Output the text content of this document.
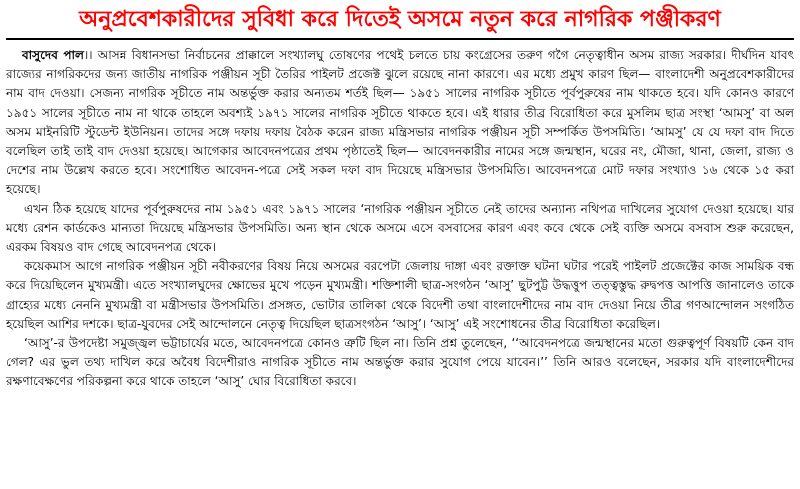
অনুপ্রবেশকারীদের সুবিধা করে দিতেই অসমে নতুন করে নাগরিক পঞ্জীকরণ

বাসুদেব পাল।। আসন্ন বিধানসভা নির্বাচনের প্রাক্কালে সংখ্যালঘু তোষণের পথেই চলতে চায় কংগ্রেসের তরুণ গগৈ নেতৃত্বাধীন অসম রাজ্য সরকার। দীর্ঘদিন যাবৎ রাজ্যের নাগরিকদের জন্য জাতীয় নাগরিক পঞ্জীয়ন সূচী তৈরির পাইলট প্রজেক্ট ঝুলে রয়েছে নানা কারণে। এর মধ্যে প্রমুখ কারণ ছিল— বাংলাদেশী অনুপ্রবেশকারীদের নাম বাদ দেওয়া। সেজন্য নাগরিক সূচীতে নাম অন্তর্ভুক্ত করার অন্যতম শর্তই ছিল— ১৯৫১ সালের নাগরিক সূচীতে পূর্বপুরুষের নাম থাকতে হবে। যদি কোনও কারণে ১৯৫১ সালের সূচীতে নাম না থাকে তাহলে অবশ্যই ১৯৭১ সালের নাগরিক সূচীতে থাকতে হবে। এই ধারার তীব্র বিরোধিতা করে মুসলিম ছাত্র সংস্থা ‘আমসু’ বা অল অসম মাইনরিটি স্টুডেন্ট ইউনিয়ন। তাদের সঙ্গে দফায় দফায় বৈঠক করেন রাজ্য মন্ত্রিসভার নাগরিক পঞ্জীয়ন সূচী সম্পর্কিত উপসমিতি। ‘আমসু’ যে যে দফা বাদ দিতে বলেছিল তাই তাই বাদ দেওয়া হয়েছে। আগেকার আবেদনপত্রের প্রথম পৃষ্ঠাতেই ছিল— আবেদনকারীর নামের সঙ্গে জন্মস্থান, ঘরের নং, মৌজা, থানা, জেলা, রাজ্য ও দেশের নাম উল্লেখ করতে হবে। সংশোধিত আবেদন-পত্রে সেই সকল দফা বাদ দিয়েছে মন্ত্রিসভার উপসমিতি। আবেদনপত্রে মোট দফার সংখ্যাও ১৬ থেকে ১৫ করা হয়েছে।

এখন ঠিক হয়েছে যাদের পূর্বপুরুষদের নাম ১৯৫১ এবং ১৯৭১ সালের ‘নাগরিক পঞ্জীয়ন সূচীতে নেই তাদের অন্যান্য নথিপত্র দাখিলের সুযোগ দেওয়া হয়েছে। যার মধ্যে রেশন কার্ডকেও মান্যতা দিয়েছে মন্ত্রিসভার উপসমিতি। অন্য স্থান থেকে অসমে এসে বসবাসের কারণ এবং কবে থেকে সেই ব্যক্তি অসমে বসবাস শুরু করেছেন, এরকম বিষয়ও বাদ গেছে আবেদনপত্র থেকে।

কয়েকমাস আগে নাগরিক পঞ্জীয়ন সূচী নবীকরণের বিষয় নিয়ে অসমের বরপেটা জেলায় দাঙ্গা এবং রক্তাক্ত ঘটনা ঘটার পরেই পাইলট প্রজেক্টের কাজ সাময়িক বন্ধ করে দিয়েছিলেন মুখ্যমন্ত্রী। এতে সংখ্যালঘুদের ক্ষোভের মুখে পড়েন মুখ্যমন্ত্রী। শক্তিশালী ছাত্র-সংগঠন ‘আসু’ ছুটপুট্ট উদ্ধত্তুপ তত্ত্বস্তুদ্ধ রুদ্বপত্ত আপত্তি জানালেও তাকে গ্রাহ্যের মধ্যে নেননি মুখ্যমন্ত্রী বা মন্ত্রীসভার উপসমিতি। প্রসঙ্গত, ভোটার তালিকা থেকে বিদেশী তথা বাংলাদেশীদের নাম বাদ দেওয়া নিয়ে তীব্র গণআন্দোলন সংগঠিত হয়েছিল আশির দশকে। ছাত্র-যুবদের সেই আন্দোলনে নেতৃত্ব দিয়েছিল ছাত্রসংগঠন ‘আসু’। ‘আসু’ এই সংশোধনের তীব্র বিরোধিতা করেছিল।

‘আসু’-র উপদেষ্টা সমুজ্জ্বল ভট্টাচার্যের মতে, আবেদনপত্রে কোনও ত্রুটি ছিল না। তিনি প্রশ্ন তুলেছেন, ‘‘আবেদনপত্রে জন্মস্থানের মতো গুরুত্বপূর্ণ বিষয়টি কেন বাদ গেল? এর ভুল তথ্য দাখিল করে অবৈধ বিদেশীরাও নাগরিক সূচীতে নাম অন্তর্ভুক্ত করার সুযোগ পেয়ে যাবেন।’’ তিনি আরও বলেছেন, সরকার যদি বাংলাদেশীদের রক্ষণাবেক্ষণের পরিকল্পনা করে থাকে তাহলে ‘আসু’ ঘোর বিরোধিতা করবে।
